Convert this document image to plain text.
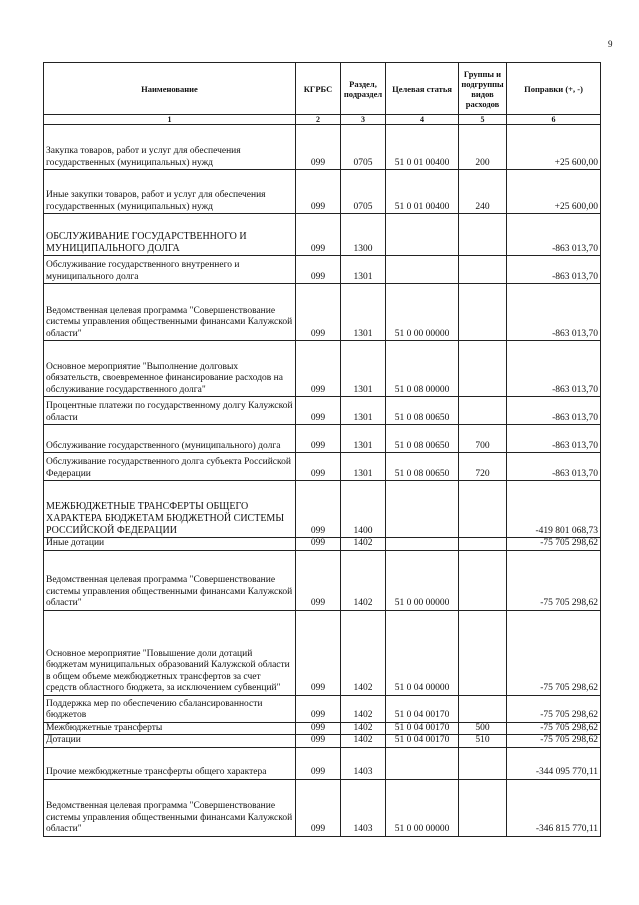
9
Наименование	КГРБС	Раздел, подраздел	Целевая статья	Группы и подгруппы видов расходов	Поправки (+, -)
1	2	3	4	5	6
Закупка товаров, работ и услуг для обеспечения государственных (муниципальных) нужд	099	0705	51 0 01 00400	200	+25 600,00
Иные закупки товаров, работ и услуг для обеспечения государственных (муниципальных) нужд	099	0705	51 0 01 00400	240	+25 600,00
ОБСЛУЖИВАНИЕ ГОСУДАРСТВЕННОГО И МУНИЦИПАЛЬНОГО ДОЛГА	099	1300			-863 013,70
Обслуживание государственного внутреннего и муниципального долга	099	1301			-863 013,70
Ведомственная целевая программа "Совершенствование системы управления общественными финансами Калужской области"	099	1301	51 0 00 00000		-863 013,70
Основное мероприятие "Выполнение долговых обязательств, своевременное финансирование расходов на обслуживание государственного долга"	099	1301	51 0 08 00000		-863 013,70
Процентные платежи по государственному долгу Калужской области	099	1301	51 0 08 00650		-863 013,70
Обслуживание государственного (муниципального) долга	099	1301	51 0 08 00650	700	-863 013,70
Обслуживание государственного долга субъекта Российской Федерации	099	1301	51 0 08 00650	720	-863 013,70
МЕЖБЮДЖЕТНЫЕ ТРАНСФЕРТЫ ОБЩЕГО ХАРАКТЕРА БЮДЖЕТАМ БЮДЖЕТНОЙ СИСТЕМЫ РОССИЙСКОЙ ФЕДЕРАЦИИ	099	1400			-419 801 068,73
Иные дотации	099	1402			-75 705 298,62
Ведомственная целевая программа "Совершенствование системы управления общественными финансами Калужской области"	099	1402	51 0 00 00000		-75 705 298,62
Основное мероприятие "Повышение доли дотаций бюджетам муниципальных образований Калужской области в общем объеме межбюджетных трансфертов за счет средств областного бюджета, за исключением субвенций"	099	1402	51 0 04 00000		-75 705 298,62
Поддержка мер по обеспечению сбалансированности бюджетов	099	1402	51 0 04 00170		-75 705 298,62
Межбюджетные трансферты	099	1402	51 0 04 00170	500	-75 705 298,62
Дотации	099	1402	51 0 04 00170	510	-75 705 298,62
Прочие межбюджетные трансферты общего характера	099	1403			-344 095 770,11
Ведомственная целевая программа "Совершенствование системы управления общественными финансами Калужской области"	099	1403	51 0 00 00000		-346 815 770,11
